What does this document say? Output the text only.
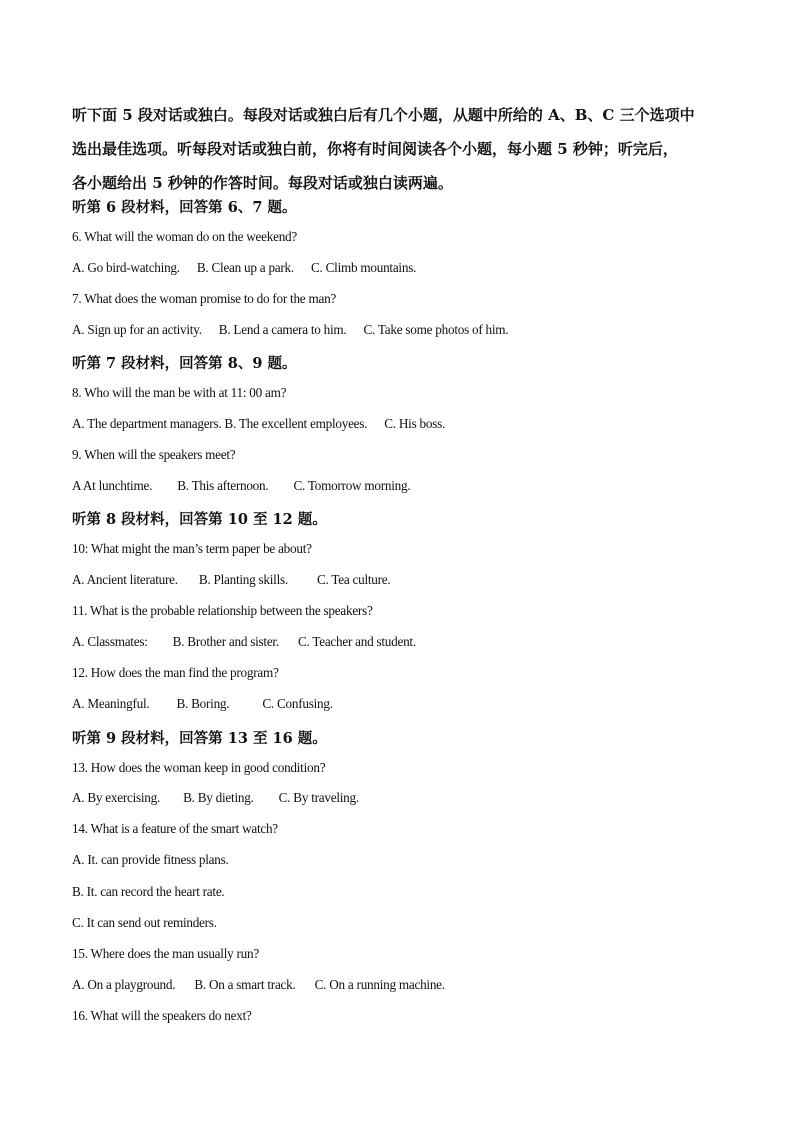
听下面 5 段对话或独白。每段对话或独白后有几个小题，从题中所给的 A、B、C 三个选项中
选出最佳选项。听每段对话或独白前，你将有时间阅读各个小题，每小题 5 秒钟；听完后，
各小题给出 5 秒钟的作答时间。每段对话或独白读两遍。
听第 6 段材料，回答第 6、7 题。
6. What will the woman do on the weekend?
A. Go bird-watching. B. Clean up a park. C. Climb mountains.
7. What does the woman promise to do for the man?
A. Sign up for an activity. B. Lend a camera to him. C. Take some photos of him.
听第 7 段材料，回答第 8、9 题。
8. Who will the man be with at 11: 00 am?
A. The department managers. B. The excellent employees. C. His boss.
9. When will the speakers meet?
A At lunchtime. B. This afternoon. C. Tomorrow morning.
听第 8 段材料，回答第 10 至 12 题。
10: What might the man’s term paper be about?
A. Ancient literature. B. Planting skills. C. Tea culture.
11. What is the probable relationship between the speakers?
A. Classmates: B. Brother and sister. C. Teacher and student.
12. How does the man find the program?
A. Meaningful. B. Boring.	C. Confusing.
听第 9 段材料，回答第 13 至 16 题。
13. How does the woman keep in good condition?
A. By exercising. B. By dieting. C. By traveling.
14. What is a feature of the smart watch?
A. It. can provide fitness plans.
B. It. can record the heart rate.
C. It can send out reminders.
15. Where does the man usually run?
A. On a playground. B. On a smart track. C. On a running machine.
16. What will the speakers do next?
